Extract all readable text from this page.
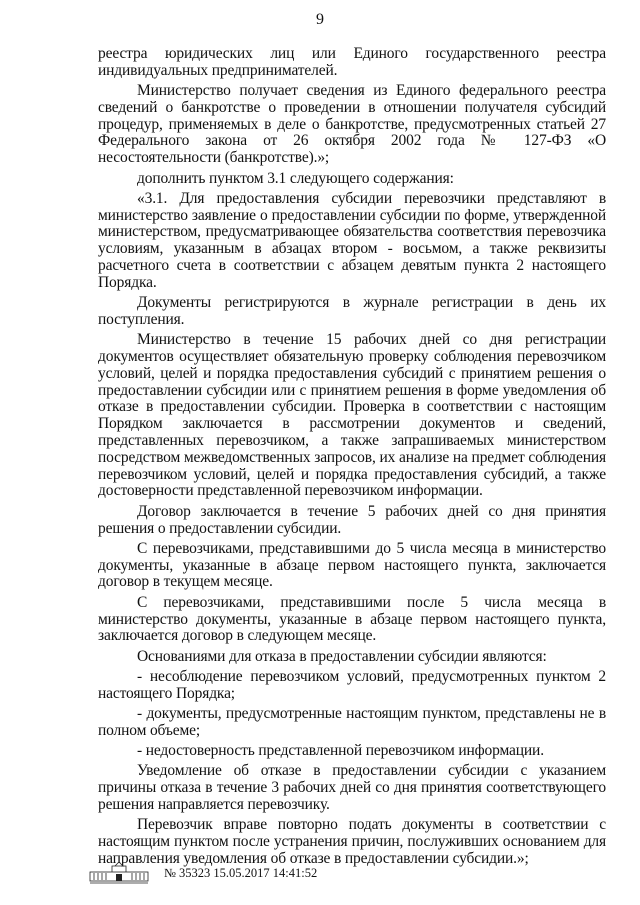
9

реестра юридических лиц или Единого государственного реестра индивидуальных предпринимателей.

Министерство получает сведения из Единого федерального реестра сведений о банкротстве о проведении в отношении получателя субсидий процедур, применяемых в деле о банкротстве, предусмотренных статьей 27 Федерального закона от 26 октября 2002 года № 127-ФЗ «О несостоятельности (банкротстве).»;

дополнить пунктом 3.1 следующего содержания:

«3.1. Для предоставления субсидии перевозчики представляют в министерство заявление о предоставлении субсидии по форме, утвержденной министерством, предусматривающее обязательства соответствия перевозчика условиям, указанным в абзацах втором - восьмом, а также реквизиты расчетного счета в соответствии с абзацем девятым пункта 2 настоящего Порядка.

Документы регистрируются в журнале регистрации в день их поступления.

Министерство в течение 15 рабочих дней со дня регистрации документов осуществляет обязательную проверку соблюдения перевозчиком условий, целей и порядка предоставления субсидий с принятием решения о предоставлении субсидии или с принятием решения в форме уведомления об отказе в предоставлении субсидии. Проверка в соответствии с настоящим Порядком заключается в рассмотрении документов и сведений, представленных перевозчиком, а также запрашиваемых министерством посредством межведомственных запросов, их анализе на предмет соблюдения перевозчиком условий, целей и порядка предоставления субсидий, а также достоверности представленной перевозчиком информации.

Договор заключается в течение 5 рабочих дней со дня принятия решения о предоставлении субсидии.

С перевозчиками, представившими до 5 числа месяца в министерство документы, указанные в абзаце первом настоящего пункта, заключается договор в текущем месяце.

С перевозчиками, представившими после 5 числа месяца в министерство документы, указанные в абзаце первом настоящего пункта, заключается договор в следующем месяце.

Основаниями для отказа в предоставлении субсидии являются:

- несоблюдение перевозчиком условий, предусмотренных пунктом 2 настоящего Порядка;

- документы, предусмотренные настоящим пунктом, представлены не в полном объеме;

- недостоверность представленной перевозчиком информации.

Уведомление об отказе в предоставлении субсидии с указанием причины отказа в течение 3 рабочих дней со дня принятия соответствующего решения направляется перевозчику.

Перевозчик вправе повторно подать документы в соответствии с настоящим пунктом после устранения причин, послуживших основанием для направления уведомления об отказе в предоставлении субсидии.»;

№ 35323 15.05.2017 14:41:52
